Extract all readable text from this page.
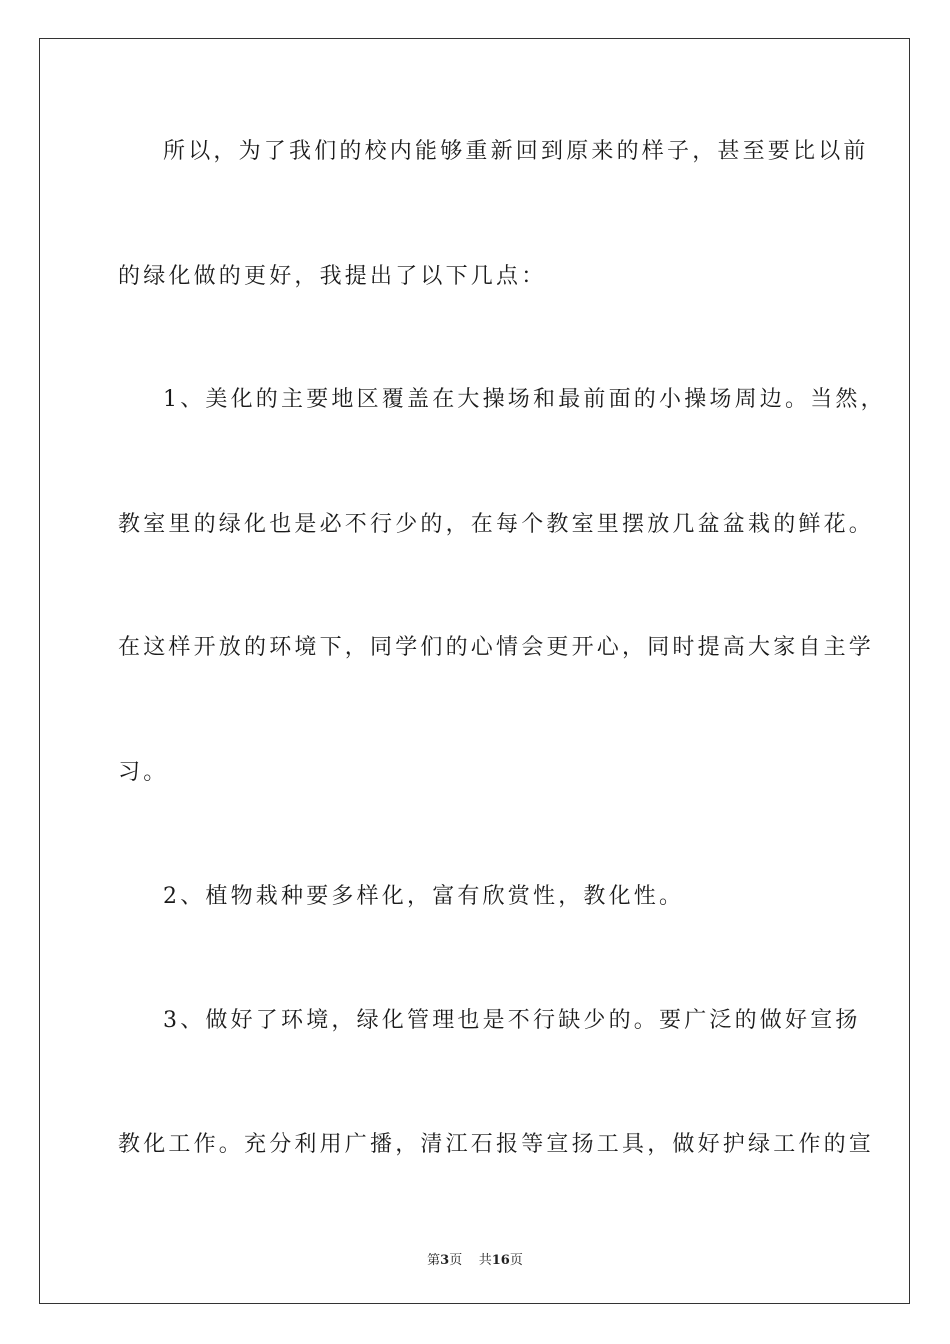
所以，为了我们的校内能够重新回到原来的样子，甚至要比以前

的绿化做的更好，我提出了以下几点：

1、美化的主要地区覆盖在大操场和最前面的小操场周边。当然，

教室里的绿化也是必不行少的，在每个教室里摆放几盆盆栽的鲜花。

在这样开放的环境下，同学们的心情会更开心，同时提高大家自主学

习。

2、植物栽种要多样化，富有欣赏性，教化性。

3、做好了环境，绿化管理也是不行缺少的。要广泛的做好宣扬

教化工作。充分利用广播，清江石报等宣扬工具，做好护绿工作的宣

第3页 共16页
